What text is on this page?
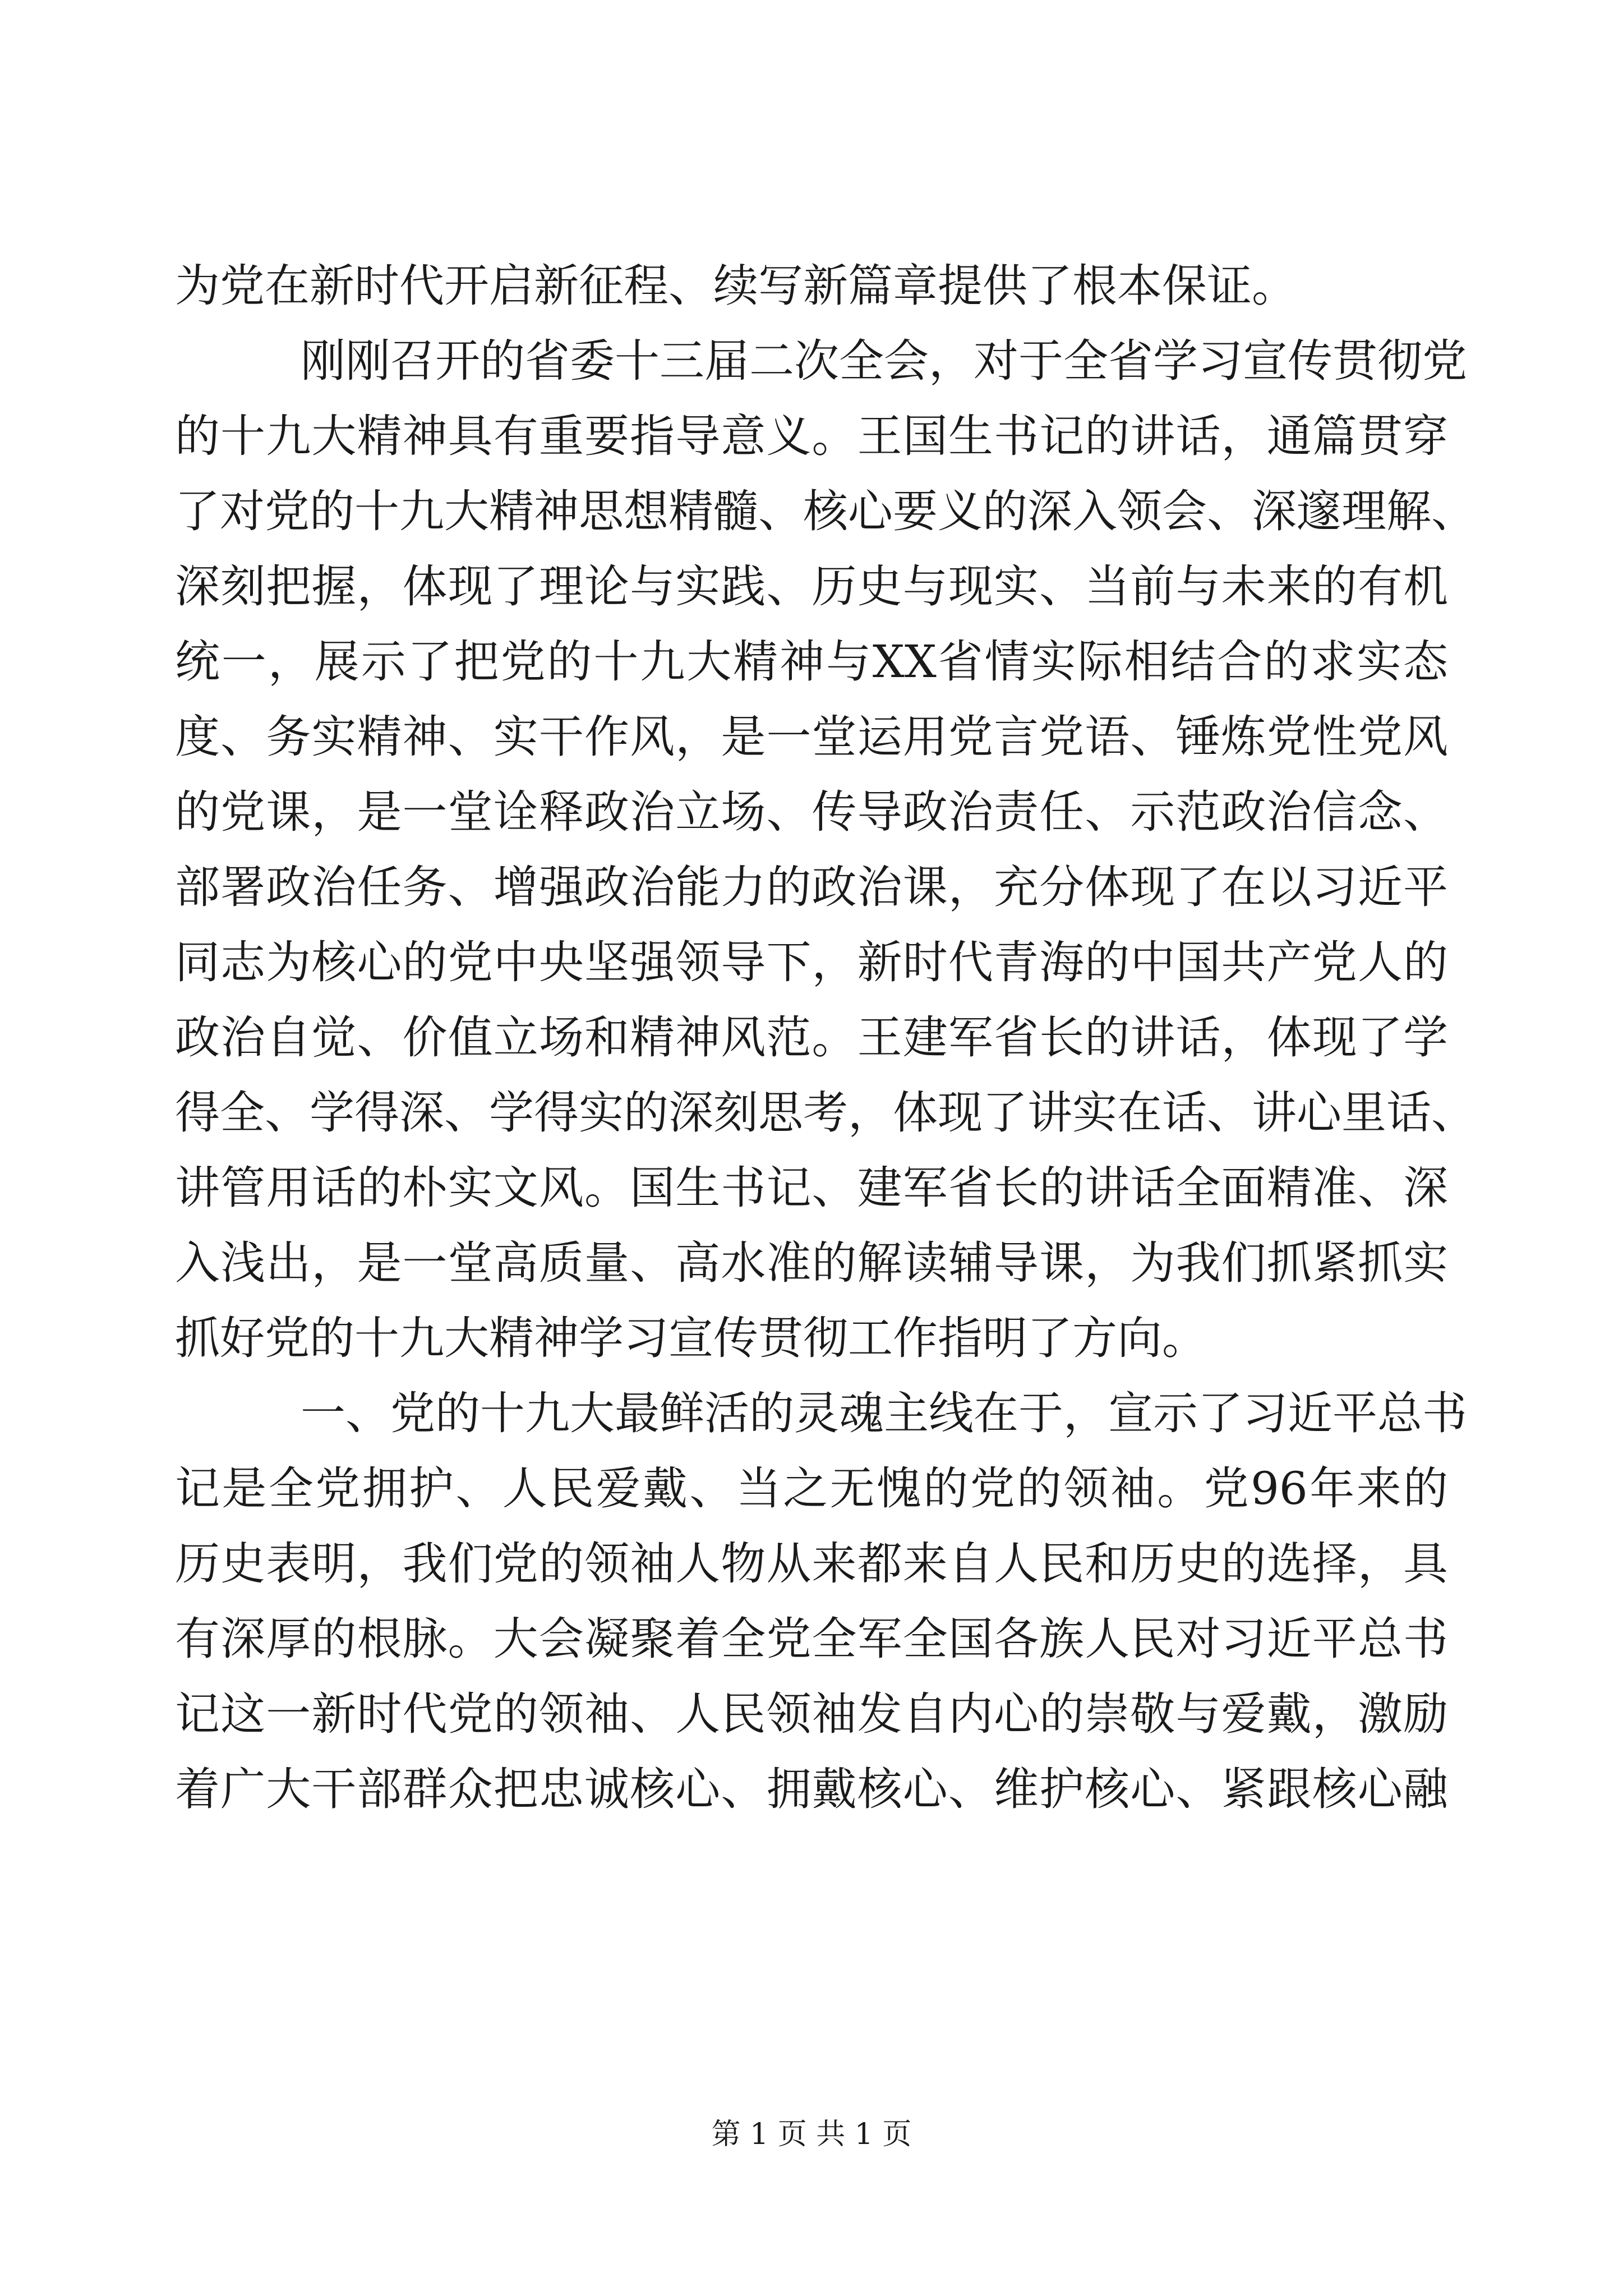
为党在新时代开启新征程、续写新篇章提供了根本保证。
刚刚召开的省委十三届二次全会，对于全省学习宣传贯彻党
的十九大精神具有重要指导意义。王国生书记的讲话，通篇贯穿
了对党的十九大精神思想精髓、核心要义的深入领会、深邃理解、
深刻把握，体现了理论与实践、历史与现实、当前与未来的有机
统一，展示了把党的十九大精神与XX省情实际相结合的求实态
度、务实精神、实干作风，是一堂运用党言党语、锤炼党性党风
的党课，是一堂诠释政治立场、传导政治责任、示范政治信念、
部署政治任务、增强政治能力的政治课，充分体现了在以习近平
同志为核心的党中央坚强领导下，新时代青海的中国共产党人的
政治自觉、价值立场和精神风范。王建军省长的讲话，体现了学
得全、学得深、学得实的深刻思考，体现了讲实在话、讲心里话、
讲管用话的朴实文风。国生书记、建军省长的讲话全面精准、深
入浅出，是一堂高质量、高水准的解读辅导课，为我们抓紧抓实
抓好党的十九大精神学习宣传贯彻工作指明了方向。
一、党的十九大最鲜活的灵魂主线在于，宣示了习近平总书
记是全党拥护、人民爱戴、当之无愧的党的领袖。党96年来的
历史表明，我们党的领袖人物从来都来自人民和历史的选择，具
有深厚的根脉。大会凝聚着全党全军全国各族人民对习近平总书
记这一新时代党的领袖、人民领袖发自内心的崇敬与爱戴，激励
着广大干部群众把忠诚核心、拥戴核心、维护核心、紧跟核心融
第 1 页 共 1 页
